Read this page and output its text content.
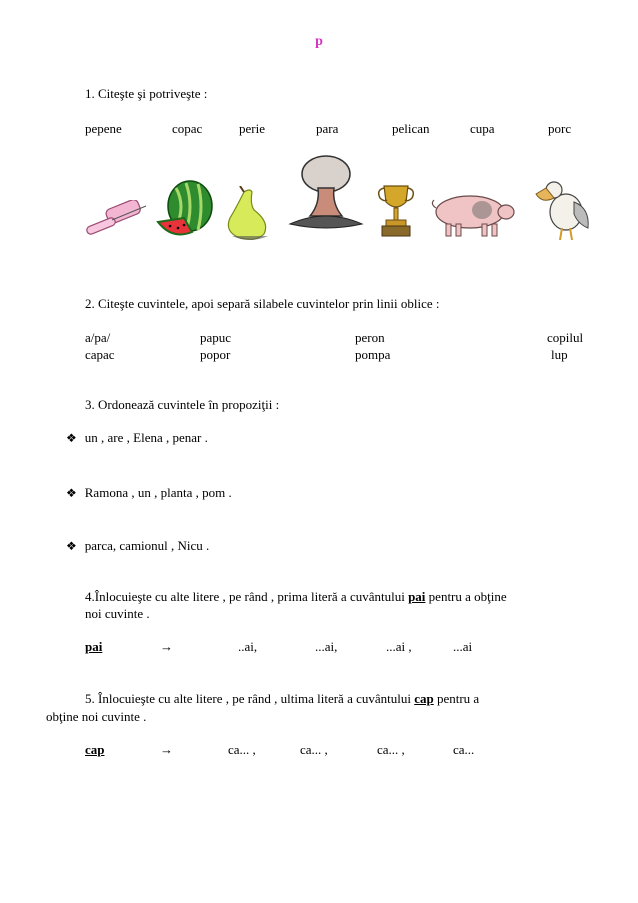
p
1. Citeşte şi potriveşte :
pepene	copac	perie	para	pelican	cupa	porc
2. Citeşte cuvintele, apoi separă silabele cuvintelor prin linii oblice :
a/pa/	papuc	peron	copilul
capac	popor	pompa	lup
3. Ordonează cuvintele în propoziţii :
❖ un , are , Elena , penar .
❖ Ramona , un , planta , pom .
❖ parca, camionul , Nicu .
4.Înlocuieşte cu alte litere , pe rând , prima literă a cuvântului pai pentru a obţine
noi cuvinte .
pai	→	..ai,	...ai,	...ai ,	...ai
5. Înlocuieşte cu alte litere , pe rând , ultima literă a cuvântului cap pentru a
obţine noi cuvinte .
cap	→	ca... ,	ca... ,	ca... ,	ca...
